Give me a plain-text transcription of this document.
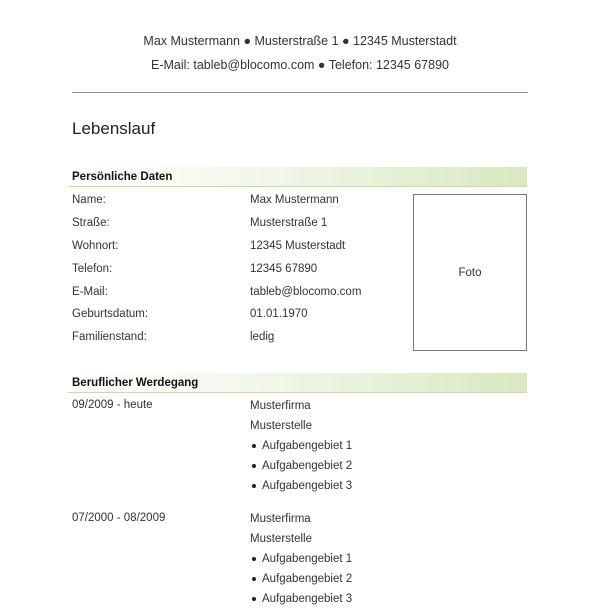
Max Mustermann ● Musterstraße 1 ● 12345 Musterstadt
E-Mail: tableb@blocomo.com ● Telefon: 12345 67890
Lebenslauf
Persönliche Daten
Name:	Max Mustermann
Straße:	Musterstraße 1
Wohnort:	12345 Musterstadt
Telefon:	12345 67890
E-Mail:	tableb@blocomo.com
Geburtsdatum:	01.01.1970
Familienstand:	ledig
Foto
Beruflicher Werdegang
09/2009 - heute	Musterfirma
Musterstelle
Aufgabengebiet 1
Aufgabengebiet 2
Aufgabengebiet 3
07/2000 - 08/2009	Musterfirma
Musterstelle
Aufgabengebiet 1
Aufgabengebiet 2
Aufgabengebiet 3
